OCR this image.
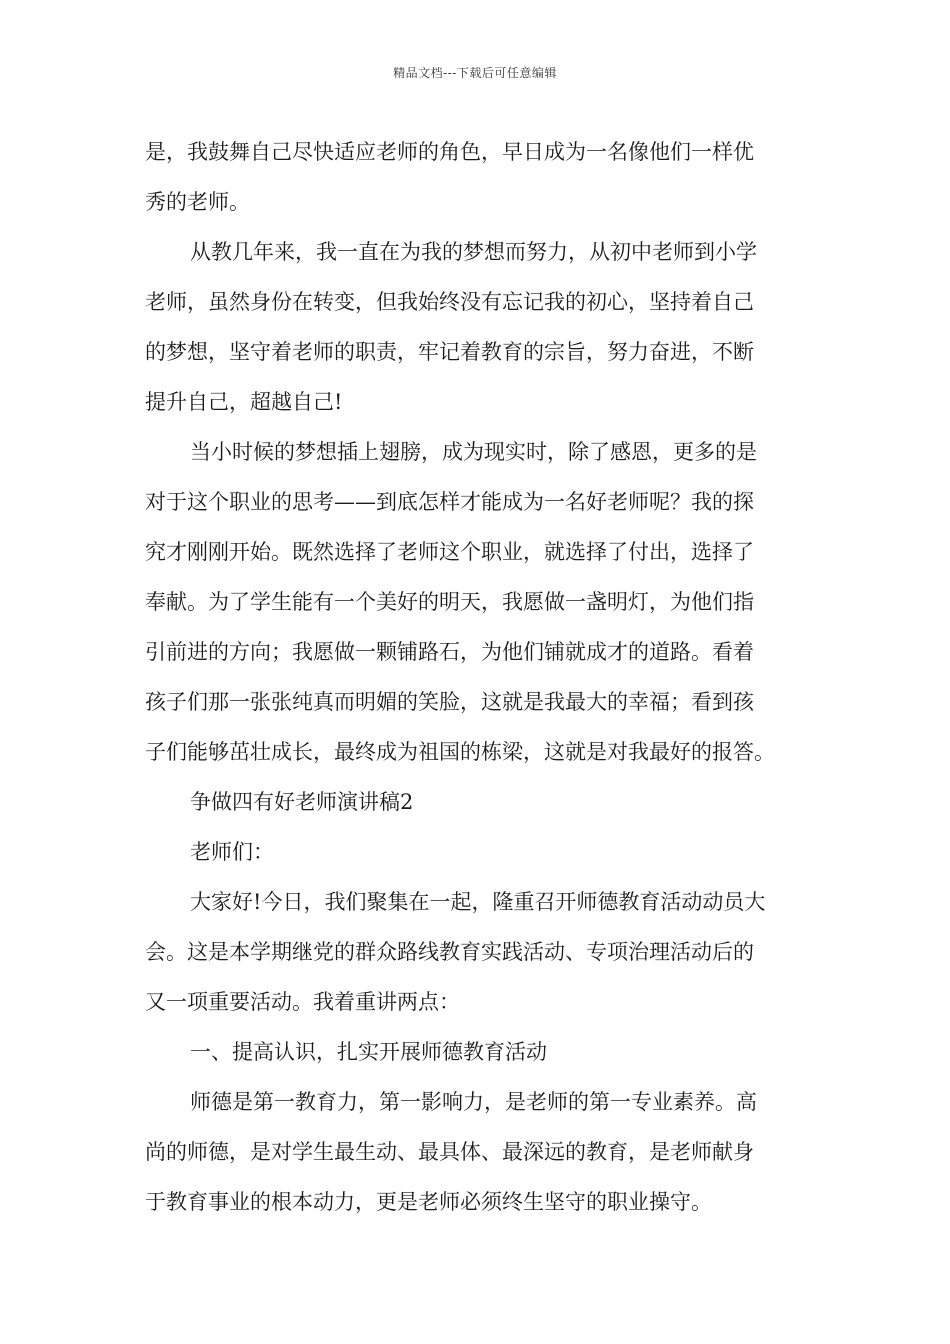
精品文档---下载后可任意编辑
是，我鼓舞自己尽快适应老师的角色，早日成为一名像他们一样优
秀的老师。
从教几年来，我一直在为我的梦想而努力，从初中老师到小学
老师，虽然身份在转变，但我始终没有忘记我的初心，坚持着自己
的梦想，坚守着老师的职责，牢记着教育的宗旨，努力奋进，不断
提升自己，超越自己!
当小时候的梦想插上翅膀，成为现实时，除了感恩，更多的是
对于这个职业的思考——到底怎样才能成为一名好老师呢？我的探
究才刚刚开始。既然选择了老师这个职业，就选择了付出，选择了
奉献。为了学生能有一个美好的明天，我愿做一盏明灯，为他们指
引前进的方向；我愿做一颗铺路石，为他们铺就成才的道路。看着
孩子们那一张张纯真而明媚的笑脸，这就是我最大的幸福；看到孩
子们能够茁壮成长，最终成为祖国的栋梁，这就是对我最好的报答。
争做四有好老师演讲稿2
老师们：
大家好!今日，我们聚集在一起，隆重召开师德教育活动动员大
会。这是本学期继党的群众路线教育实践活动、专项治理活动后的
又一项重要活动。我着重讲两点：
一、提高认识，扎实开展师德教育活动
师德是第一教育力，第一影响力，是老师的第一专业素养。高
尚的师德，是对学生最生动、最具体、最深远的教育，是老师献身
于教育事业的根本动力，更是老师必须终生坚守的职业操守。
